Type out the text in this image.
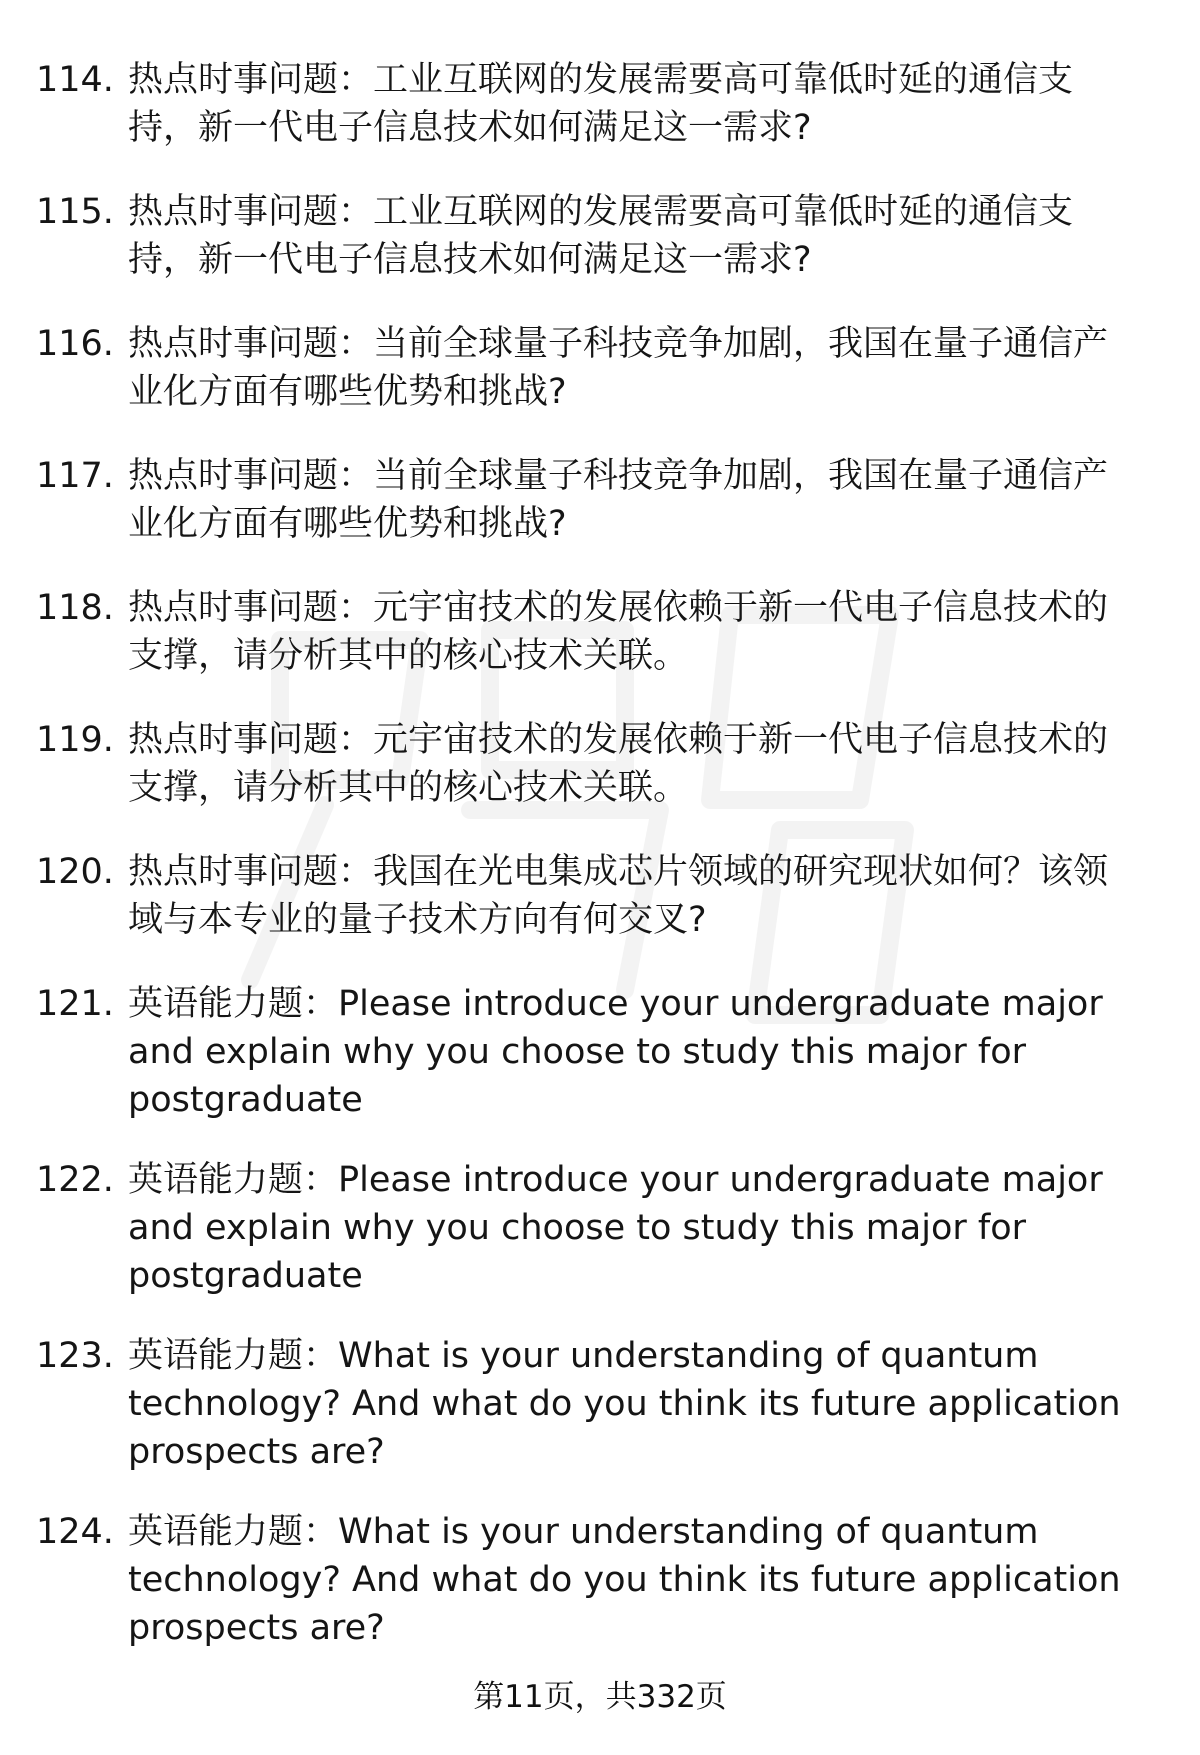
114. 热点时事问题：工业互联网的发展需要高可靠低时延的通信支持，新一代电子信息技术如何满足这一需求?
115. 热点时事问题：工业互联网的发展需要高可靠低时延的通信支持，新一代电子信息技术如何满足这一需求?
116. 热点时事问题：当前全球量子科技竞争加剧，我国在量子通信产业化方面有哪些优势和挑战?
117. 热点时事问题：当前全球量子科技竞争加剧，我国在量子通信产业化方面有哪些优势和挑战?
118. 热点时事问题：元宇宙技术的发展依赖于新一代电子信息技术的支撑，请分析其中的核心技术关联。
119. 热点时事问题：元宇宙技术的发展依赖于新一代电子信息技术的支撑，请分析其中的核心技术关联。
120. 热点时事问题：我国在光电集成芯片领域的研究现状如何？该领域与本专业的量子技术方向有何交叉?
121. 英语能力题：Please introduce your undergraduate major and explain why you choose to study this major for postgraduate
122. 英语能力题：Please introduce your undergraduate major and explain why you choose to study this major for postgraduate
123. 英语能力题：What is your understanding of quantum technology? And what do you think its future application prospects are?
124. 英语能力题：What is your understanding of quantum technology? And what do you think its future application prospects are?
第11页，共332页
